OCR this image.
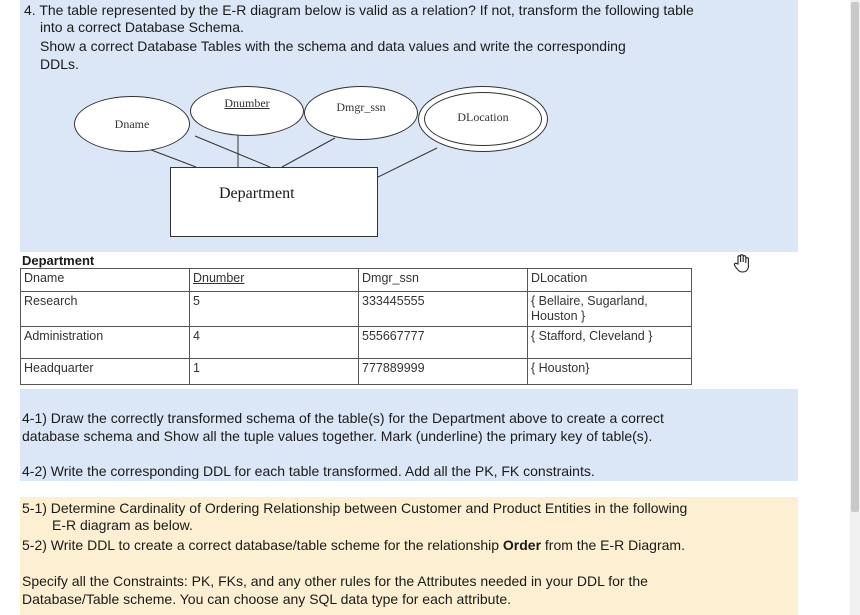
4. The table represented by the E-R diagram below is valid as a relation? If not, transform the following table
into a correct Database Schema.
Show a correct Database Tables with the schema and data values and write the corresponding
DDLs.
Dname
Dnumber	Dmgr_ssn
DLocation
Department
Department
Dname	Dnumber	Dmgr_ssn	DLocation
Research	5	333445555	{ Bellaire, Sugarland,
Houston }

Administration	4	555667777	{ Stafford, Cleveland }
Headquarter	1	777889999	{ Houston}
4-1) Draw the correctly transformed schema of the table(s) for the Department above to create a correct
database schema and Show all the tuple values together. Mark (underline) the primary key of table(s).
4-2) Write the corresponding DDL for each table transformed. Add all the PK, FK constraints.
5-1) Determine Cardinality of Ordering Relationship between Customer and Product Entities in the following
E-R diagram as below.
5-2) Write DDL to create a correct database/table scheme for the relationship Order from the E-R Diagram.
Specify all the Constraints: PK, FKs, and any other rules for the Attributes needed in your DDL for the
Database/Table scheme. You can choose any SQL data type for each attribute.
